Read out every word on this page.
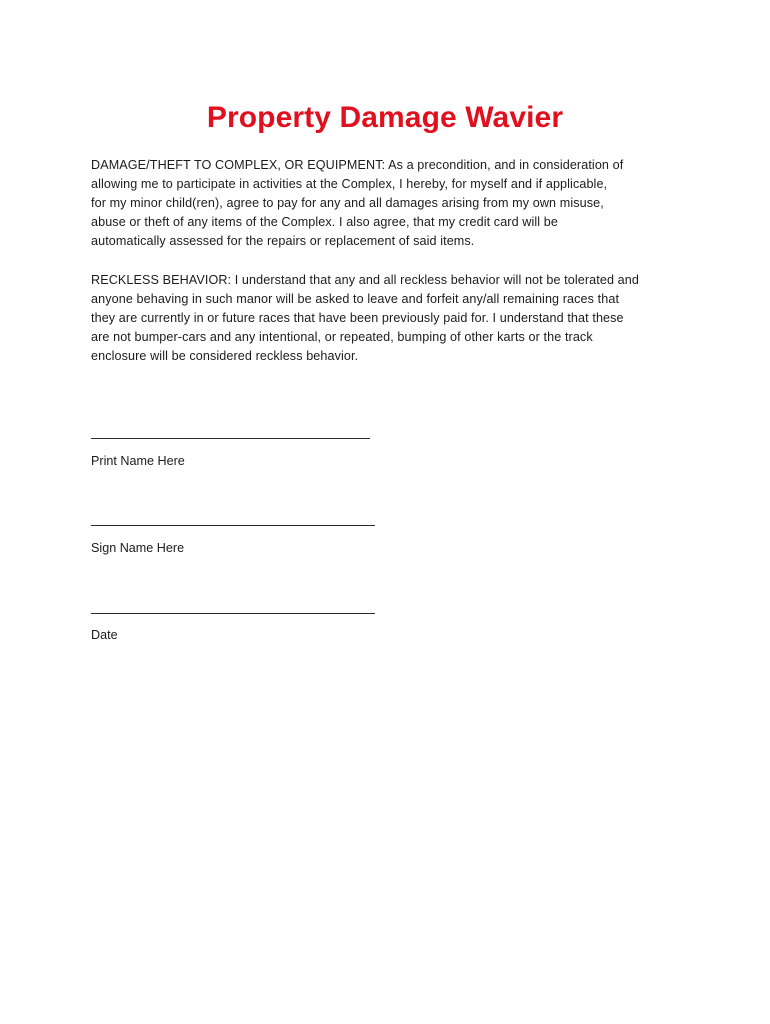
Property Damage Wavier
DAMAGE/THEFT TO COMPLEX, OR EQUIPMENT: As a precondition, and in consideration of
allowing me to participate in activities at the Complex, I hereby, for myself and if applicable,
for my minor child(ren), agree to pay for any and all damages arising from my own misuse,
abuse or theft of any items of the Complex. I also agree, that my credit card will be
automatically assessed for the repairs or replacement of said items.
RECKLESS BEHAVIOR: I understand that any and all reckless behavior will not be tolerated and
anyone behaving in such manor will be asked to leave and forfeit any/all remaining races that
they are currently in or future races that have been previously paid for. I understand that these
are not bumper-cars and any intentional, or repeated, bumping of other karts or the track
enclosure will be considered reckless behavior.
Print Name Here
Sign Name Here
Date
